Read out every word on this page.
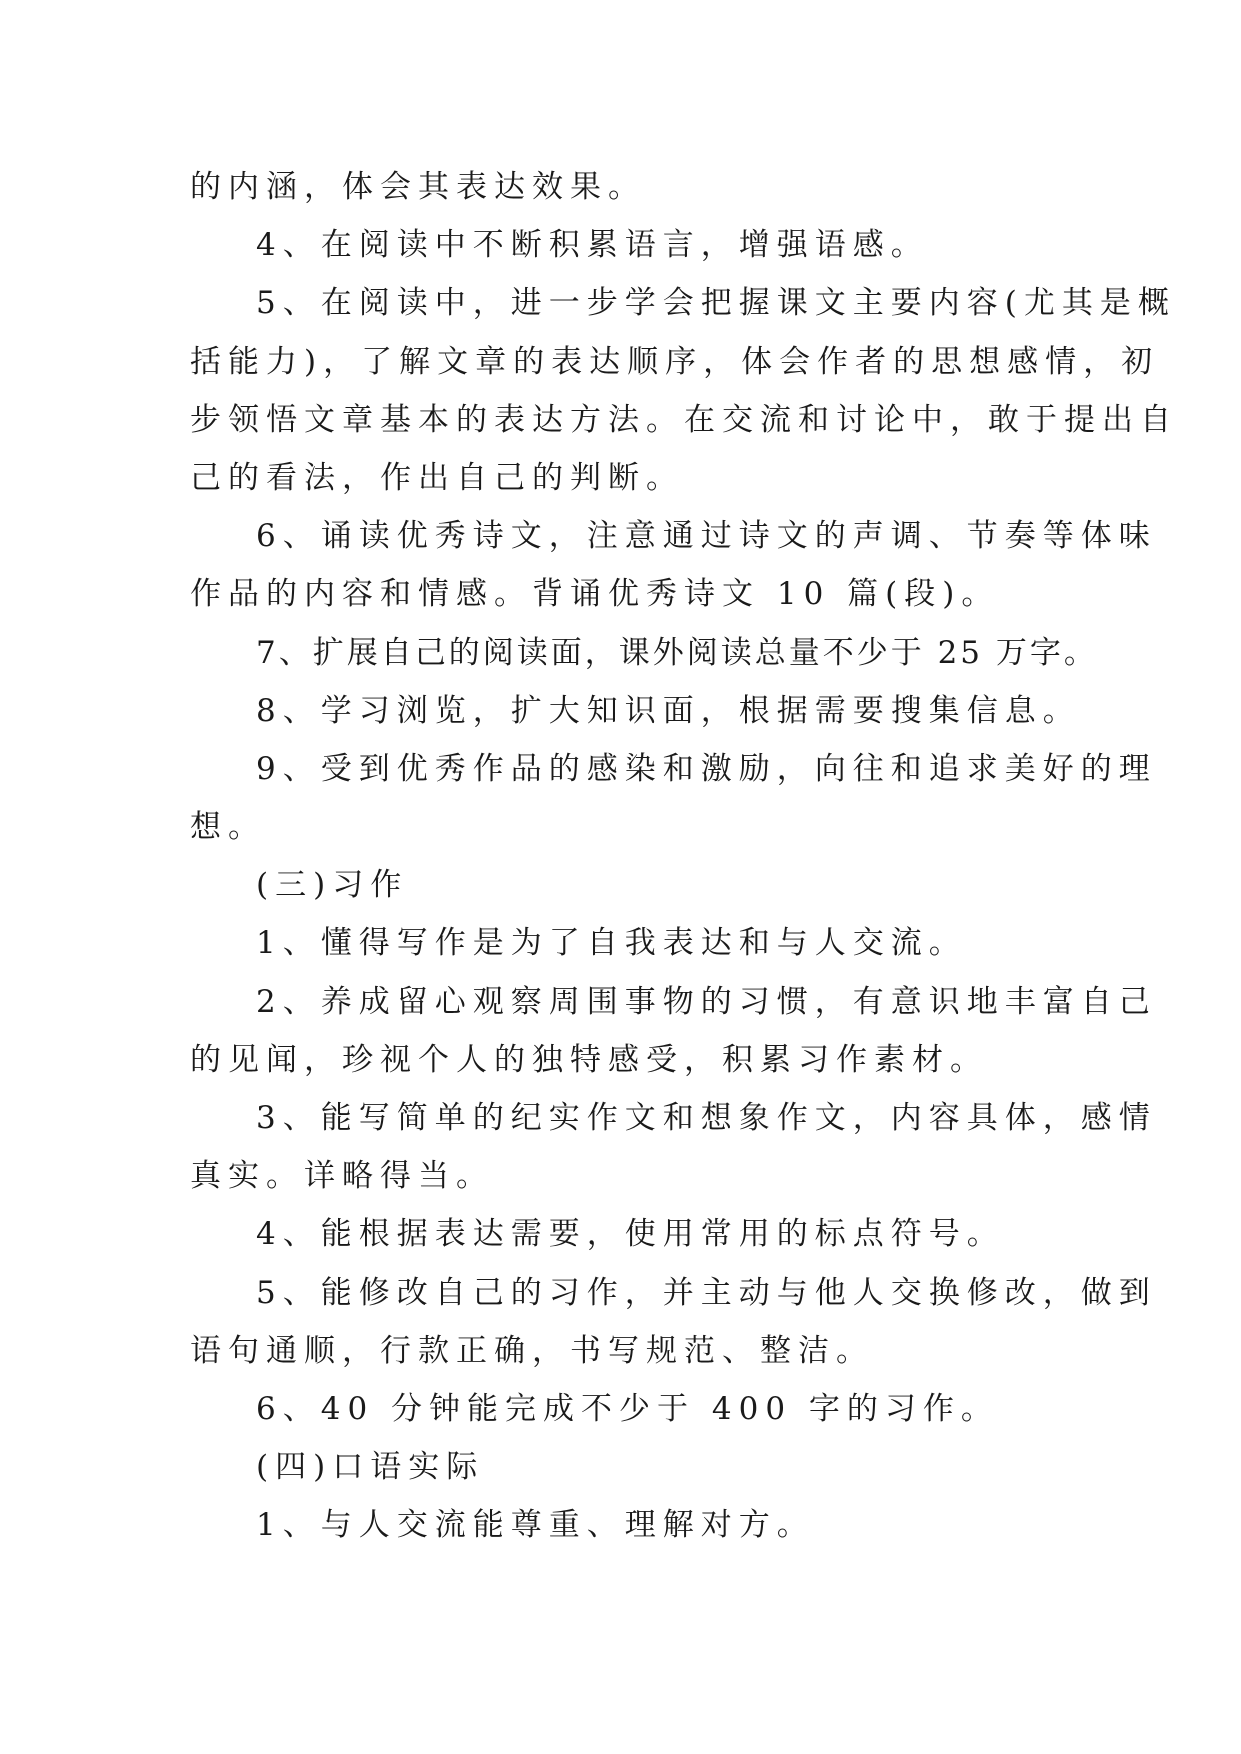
的内涵，体会其表达效果。
4、在阅读中不断积累语言，增强语感。
5、在阅读中，进一步学会把握课文主要内容(尤其是概
括能力)，了解文章的表达顺序，体会作者的思想感情，初
步领悟文章基本的表达方法。在交流和讨论中，敢于提出自
己的看法，作出自己的判断。
6、诵读优秀诗文，注意通过诗文的声调、节奏等体味
作品的内容和情感。背诵优秀诗文 10 篇(段)。
7、扩展自己的阅读面，课外阅读总量不少于 25 万字。
8、学习浏览，扩大知识面，根据需要搜集信息。
9、受到优秀作品的感染和激励，向往和追求美好的理
想。
(三)习作
1、懂得写作是为了自我表达和与人交流。
2、养成留心观察周围事物的习惯，有意识地丰富自己
的见闻，珍视个人的独特感受，积累习作素材。
3、能写简单的纪实作文和想象作文，内容具体，感情
真实。详略得当。
4、能根据表达需要，使用常用的标点符号。
5、能修改自己的习作，并主动与他人交换修改，做到
语句通顺，行款正确，书写规范、整洁。
6、40 分钟能完成不少于 400 字的习作。
(四)口语实际
1、与人交流能尊重、理解对方。
